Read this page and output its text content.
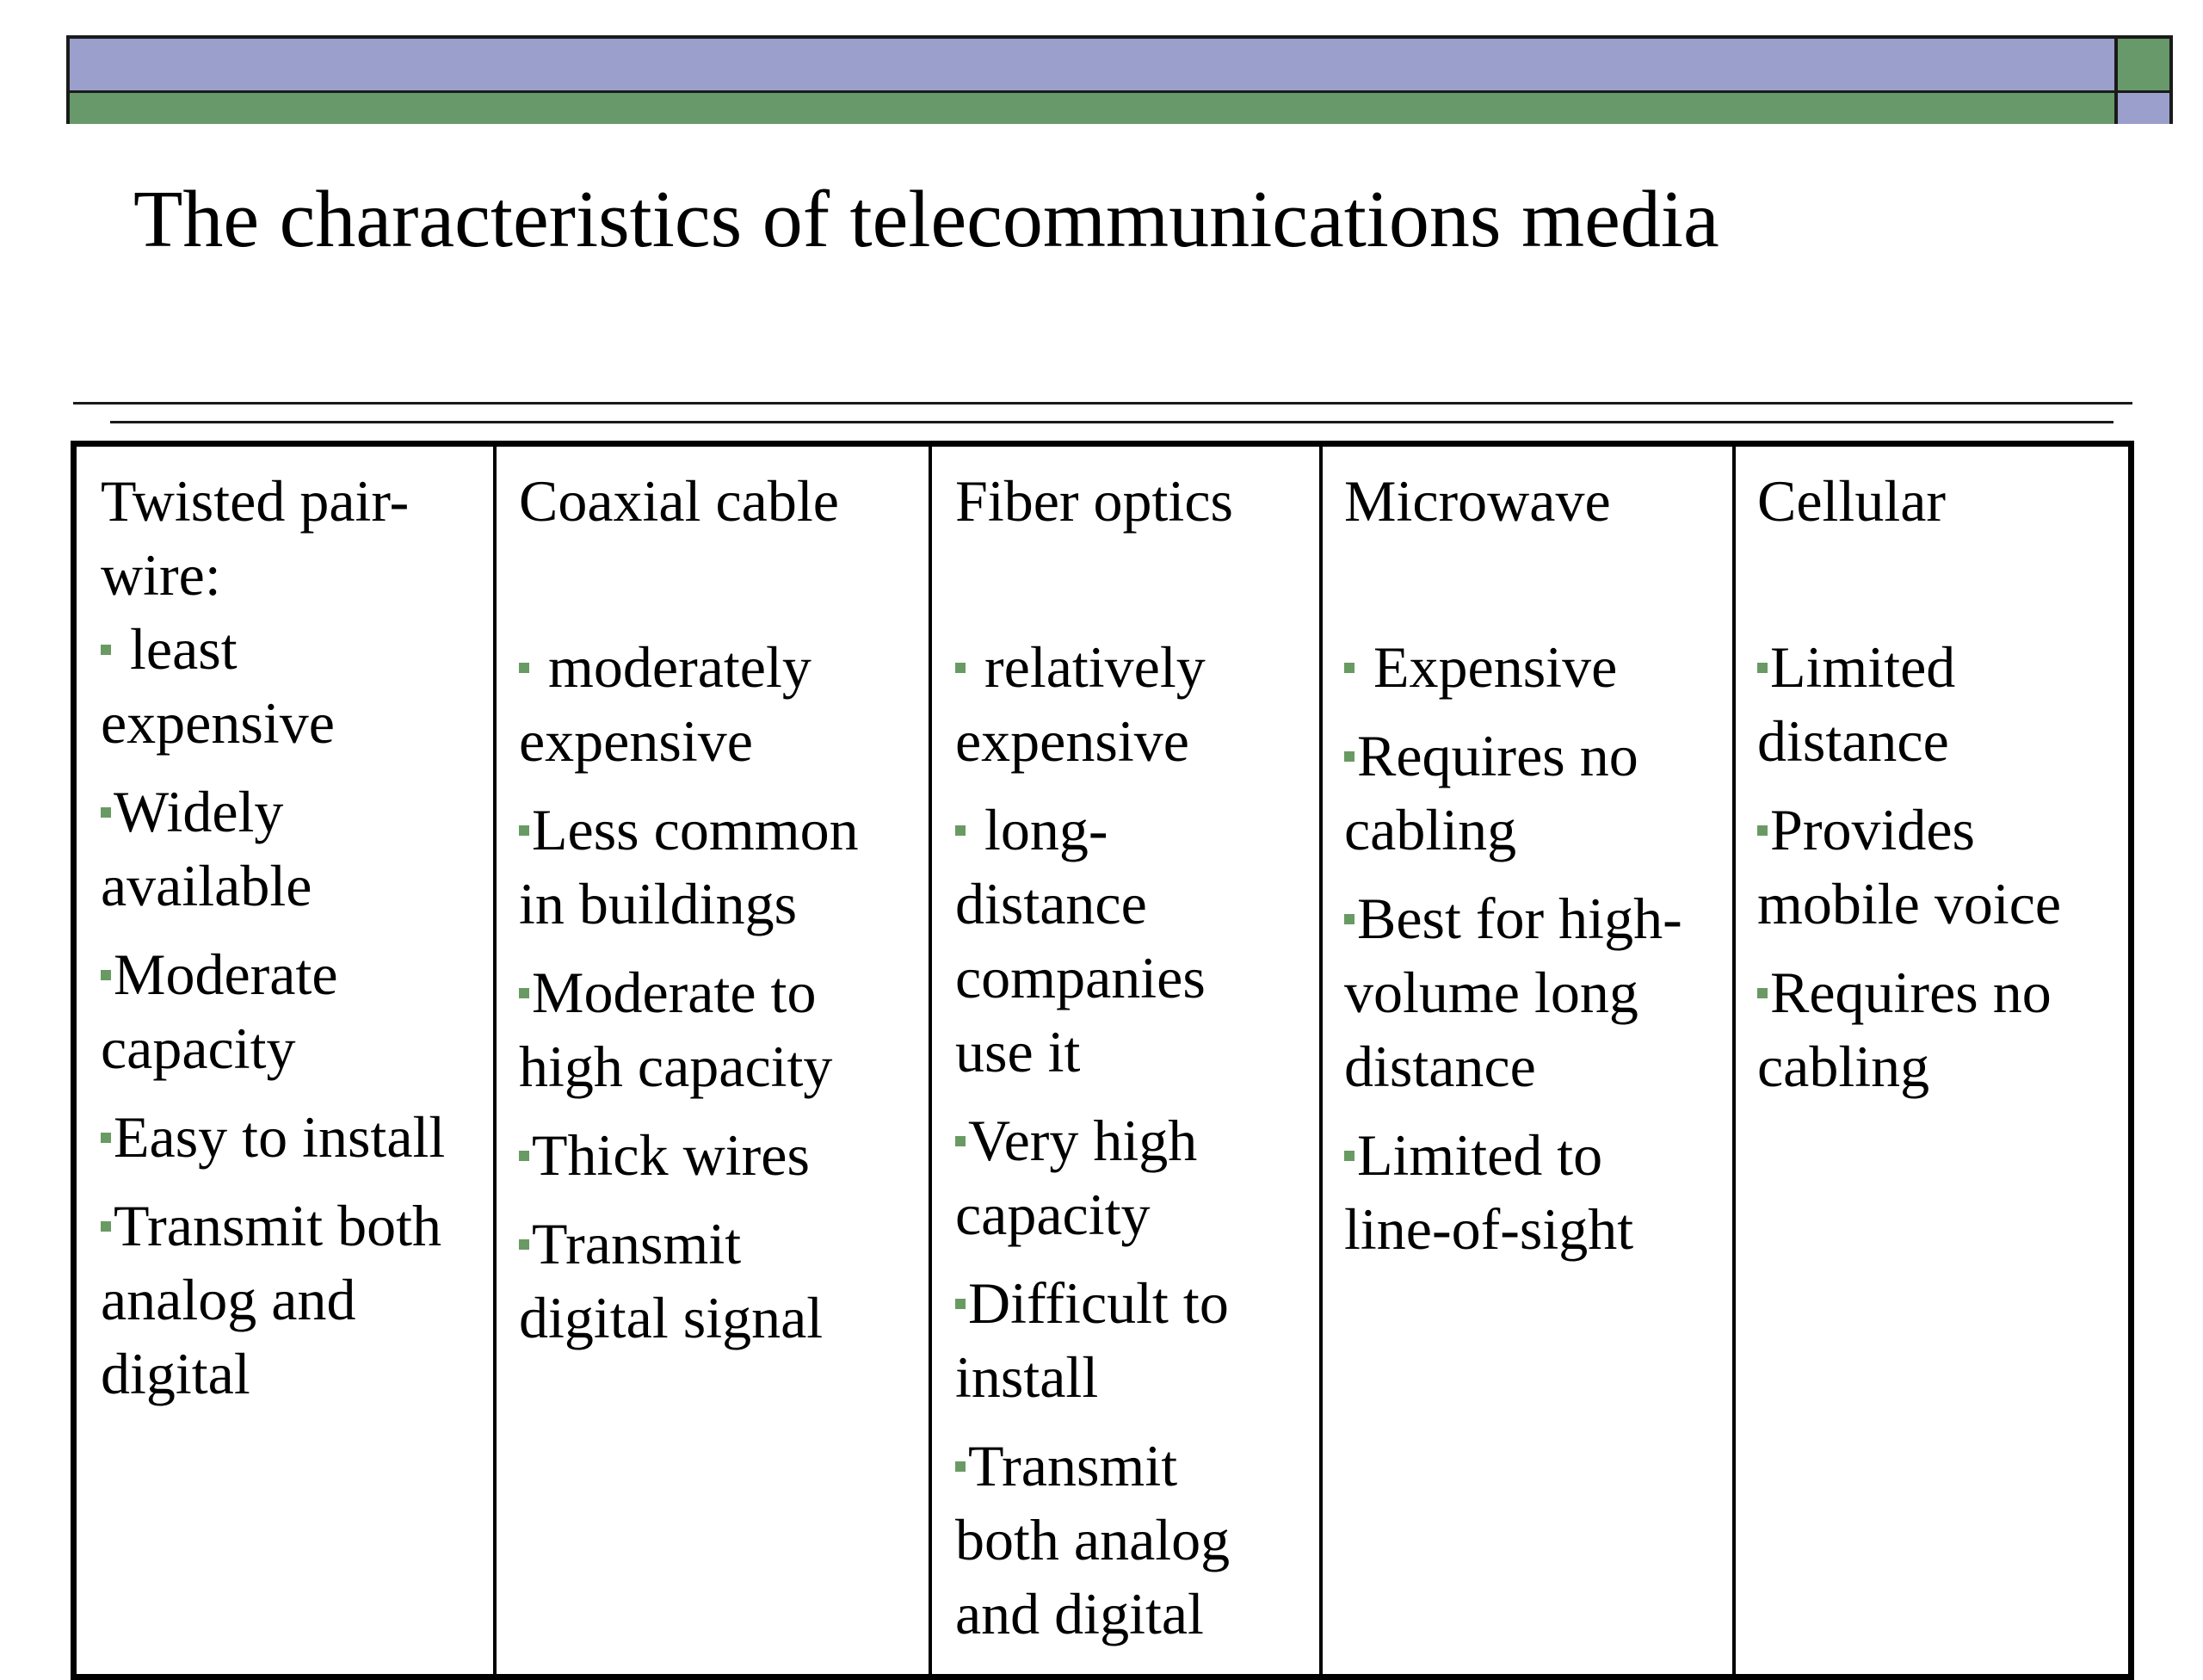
The characteristics of telecommunications media
Twisted pair-
wire:
least
expensive
Widely
available
Moderate
capacity
Easy to install
Transmit both
analog and
digital
Coaxial cable
moderately
expensive
Less common
in buildings
Moderate to
high capacity
Thick wires
Transmit
digital signal
Fiber optics
relatively
expensive
long-
distance
companies
use it
Very high
capacity
Difficult to
install
Transmit
both analog
and digital
Microwave
Expensive
Requires no
cabling
Best for high-
volume long
distance
Limited to
line-of-sight
Cellular
Limited
distance
Provides
mobile voice
Requires no
cabling
